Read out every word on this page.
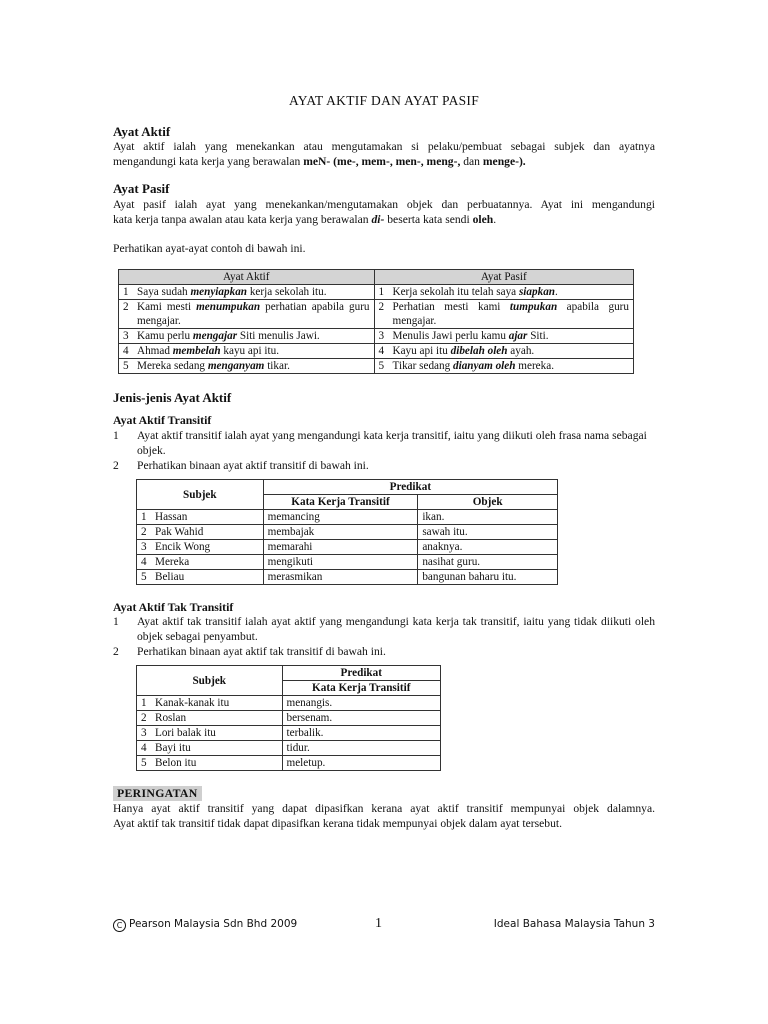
AYAT AKTIF DAN AYAT PASIF
Ayat Aktif
Ayat aktif ialah yang menekankan atau mengutamakan si pelaku/pembuat sebagai subjek dan ayatnya
mengandungi kata kerja yang berawalan meN- (me-, mem-, men-, meng-, dan menge-).
Ayat Pasif
Ayat pasif ialah ayat yang menekankan/mengutamakan objek dan perbuatannya. Ayat ini mengandungi
kata kerja tanpa awalan atau kata kerja yang berawalan di- beserta kata sendi oleh.
Perhatikan ayat-ayat contoh di bawah ini.
Ayat Aktif	Ayat Pasif

1 Saya sudah menyiapkan kerja sekolah itu.	1 Kerja sekolah itu telah saya siapkan.

2 Kami mesti menumpukan perhatian apabila guru mengajar.	2 Perhatian mesti kami tumpukan apabila guru mengajar.

3 Kamu perlu mengajar Siti menulis Jawi.	3 Menulis Jawi perlu kamu ajar Siti.

4 Ahmad membelah kayu api itu.	4 Kayu api itu dibelah oleh ayah.

5 Mereka sedang menganyam tikar.	5 Tikar sedang dianyam oleh mereka.
Jenis-jenis Ayat Aktif
Ayat Aktif Transitif
1 Ayat aktif transitif ialah ayat yang mengandungi kata kerja transitif, iaitu yang diikuti oleh frasa nama sebagai objek.
2 Perhatikan binaan ayat aktif transitif di bawah ini.
Subjek	Predikat	
	Kata Kerja Transitif	Objek
1 Hassan	memancing	ikan.
2 Pak Wahid	membajak	sawah itu.
3 Encik Wong	memarahi	anaknya.
4 Mereka	mengikuti	nasihat guru.
5 Beliau	merasmikan	bangunan baharu itu.
Ayat Aktif Tak Transitif
1 Ayat aktif tak transitif ialah ayat aktif yang mengandungi kata kerja tak transitif, iaitu yang tidak diikuti oleh objek sebagai penyambut.
2 Perhatikan binaan ayat aktif tak transitif di bawah ini.
Subjek	Predikat
	Kata Kerja Transitif
1 Kanak-kanak itu	menangis.
2 Roslan	bersenam.
3 Lori balak itu	terbalik.
4 Bayi itu	tidur.
5 Belon itu	meletup.
PERINGATAN
Hanya ayat aktif transitif yang dapat dipasifkan kerana ayat aktif transitif mempunyai objek dalamnya.
Ayat aktif tak transitif tidak dapat dipasifkan kerana tidak mempunyai objek dalam ayat tersebut.
C Pearson Malaysia Sdn Bhd 2009	1	Ideal Bahasa Malaysia Tahun 3
